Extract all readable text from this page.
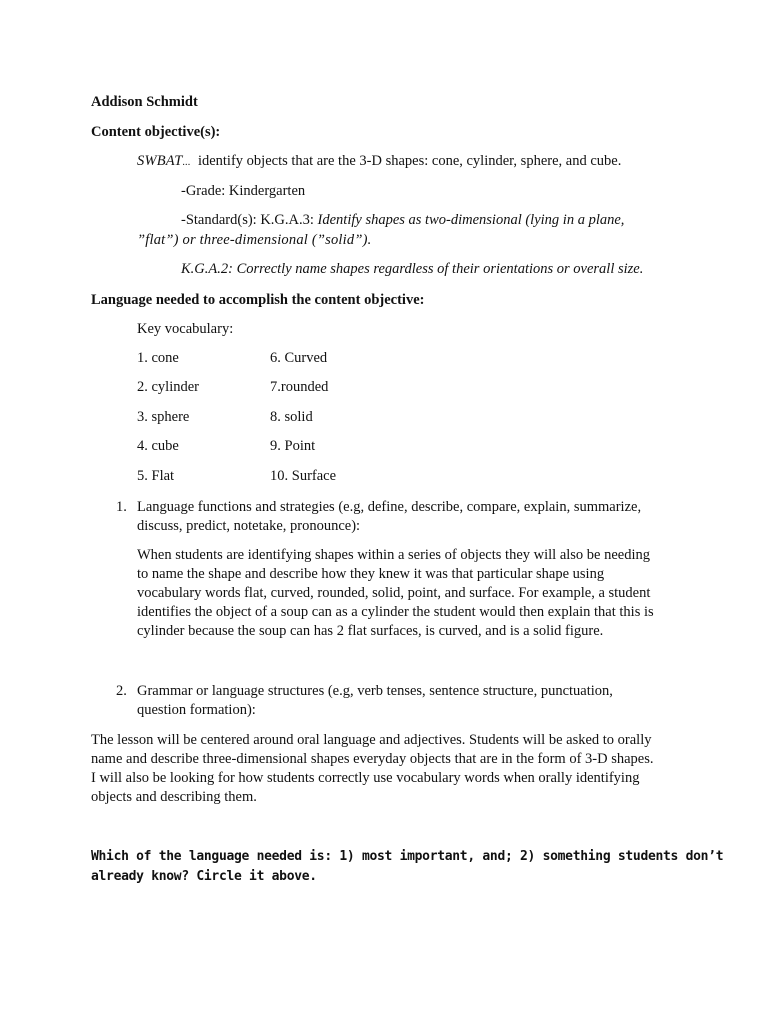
Addison Schmidt
Content objective(s):
SWBAT... identify objects that are the 3-D shapes: cone, cylinder, sphere, and cube.
-Grade: Kindergarten
-Standard(s): K.G.A.3: Identify shapes as two-dimensional (lying in a plane,
”flat”) or three-dimensional (”solid”).
K.G.A.2: Correctly name shapes regardless of their orientations or overall size.
Language needed to accomplish the content objective:
Key vocabulary:
1. cone	6. Curved
2. cylinder	7.rounded
3. sphere	8. solid
4. cube	9. Point
5. Flat	10. Surface
1. Language functions and strategies (e.g, define, describe, compare, explain, summarize,
discuss, predict, notetake, pronounce):
When students are identifying shapes within a series of objects they will also be needing
to name the shape and describe how they knew it was that particular shape using
vocabulary words flat, curved, rounded, solid, point, and surface. For example, a student
identifies the object of a soup can as a cylinder the student would then explain that this is
cylinder because the soup can has 2 flat surfaces, is curved, and is a solid figure.
2. Grammar or language structures (e.g, verb tenses, sentence structure, punctuation,
question formation):
The lesson will be centered around oral language and adjectives. Students will be asked to orally
name and describe three-dimensional shapes everyday objects that are in the form of 3-D shapes.
I will also be looking for how students correctly use vocabulary words when orally identifying
objects and describing them.
Which of the language needed is: 1) most important, and; 2) something students don’t
already know? Circle it above.
